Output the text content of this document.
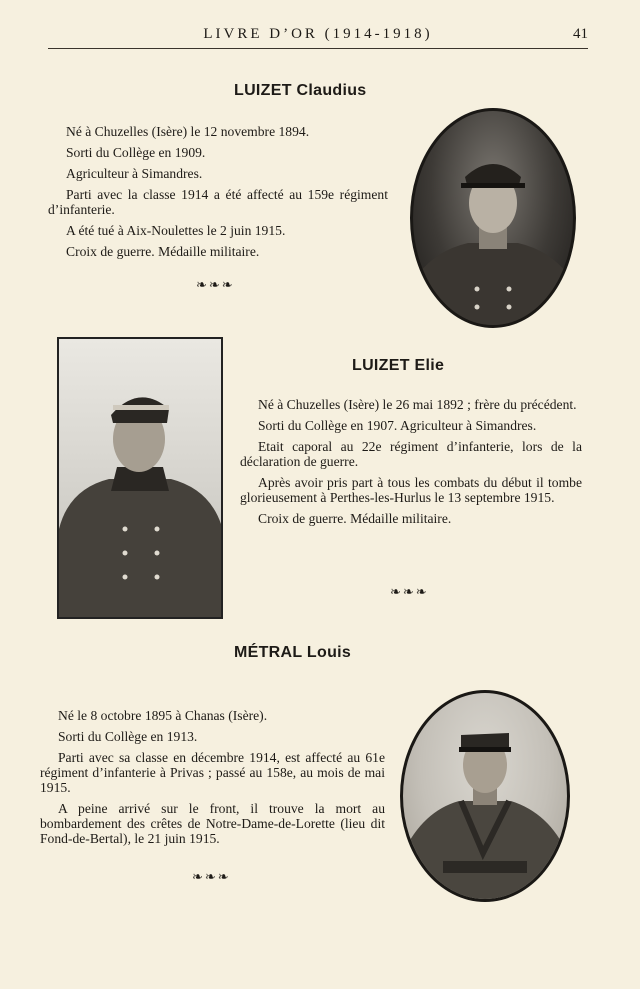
LIVRE D’OR (1914-1918)	41
LUIZET Claudius

Né à Chuzelles (Isère) le 12 novembre 1894.

Sorti du Collège en 1909.

Agriculteur à Simandres.

Parti avec la classe 1914 a été affecté au 159e régiment d’infanterie.

A été tué à Aix-Noulettes le 2 juin 1915.

Croix de guerre. Médaille militaire.

❧❧❧
LUIZET Elie

Né à Chuzelles (Isère) le 26 mai 1892 ; frère du précédent.

Sorti du Collège en 1907. Agriculteur à Simandres.

Etait caporal au 22e régiment d’infanterie, lors de la déclaration de guerre.

Après avoir pris part à tous les combats du début il tombe glorieusement à Perthes-les-Hurlus le 13 septembre 1915.

Croix de guerre. Médaille militaire.

❧❧❧
MÉTRAL Louis

Né le 8 octobre 1895 à Chanas (Isère).

Sorti du Collège en 1913.

Parti avec sa classe en décembre 1914, est affecté au 61e régiment d’infanterie à Privas ; passé au 158e, au mois de mai 1915.

A peine arrivé sur le front, il trouve la mort au bombardement des crêtes de Notre-Dame-de-Lorette (lieu dit Fond-de-Bertal), le 21 juin 1915.

❧❧❧
